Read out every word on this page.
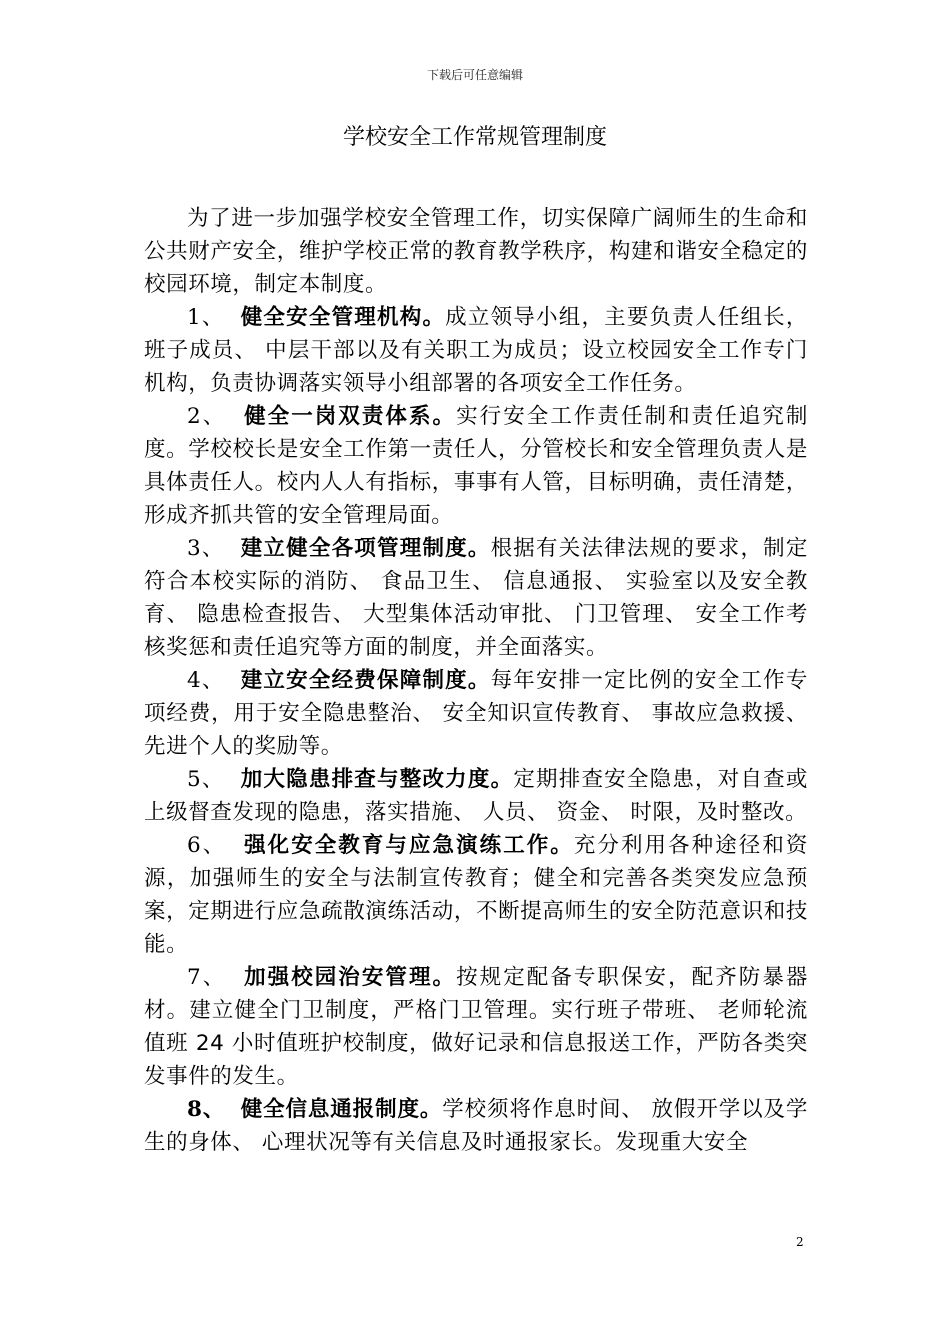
下载后可任意编辑
学校安全工作常规管理制度

为了进一步加强学校安全管理工作，切实保障广阔师生的生命和公共财产安全，维护学校正常的教育教学秩序，构建和谐安全稳定的校园环境，制定本制度。

1、 健全安全管理机构。成立领导小组，主要负责人任组长，班子成员、 中层干部以及有关职工为成员；设立校园安全工作专门机构，负责协调落实领导小组部署的各项安全工作任务。

2、 健全一岗双责体系。实行安全工作责任制和责任追究制度。学校校长是安全工作第一责任人，分管校长和安全管理负责人是具体责任人。校内人人有指标，事事有人管，目标明确，责任清楚，形成齐抓共管的安全管理局面。

3、 建立健全各项管理制度。根据有关法律法规的要求，制定符合本校实际的消防、 食品卫生、 信息通报、 实验室以及安全教育、 隐患检查报告、 大型集体活动审批、 门卫管理、 安全工作考核奖惩和责任追究等方面的制度，并全面落实。

4、 建立安全经费保障制度。每年安排一定比例的安全工作专项经费，用于安全隐患整治、 安全知识宣传教育、 事故应急救援、 先进个人的奖励等。

5、 加大隐患排查与整改力度。定期排查安全隐患，对自查或上级督查发现的隐患，落实措施、 人员、 资金、 时限，及时整改。

6、 强化安全教育与应急演练工作。充分利用各种途径和资源，加强师生的安全与法制宣传教育；健全和完善各类突发应急预案，定期进行应急疏散演练活动，不断提高师生的安全防范意识和技能。

7、 加强校园治安管理。按规定配备专职保安，配齐防暴器材。建立健全门卫制度，严格门卫管理。实行班子带班、 老师轮流值班 24 小时值班护校制度，做好记录和信息报送工作，严防各类突发事件的发生。

8、 健全信息通报制度。学校须将作息时间、 放假开学以及学生的身体、 心理状况等有关信息及时通报家长。发现重大安全

2
